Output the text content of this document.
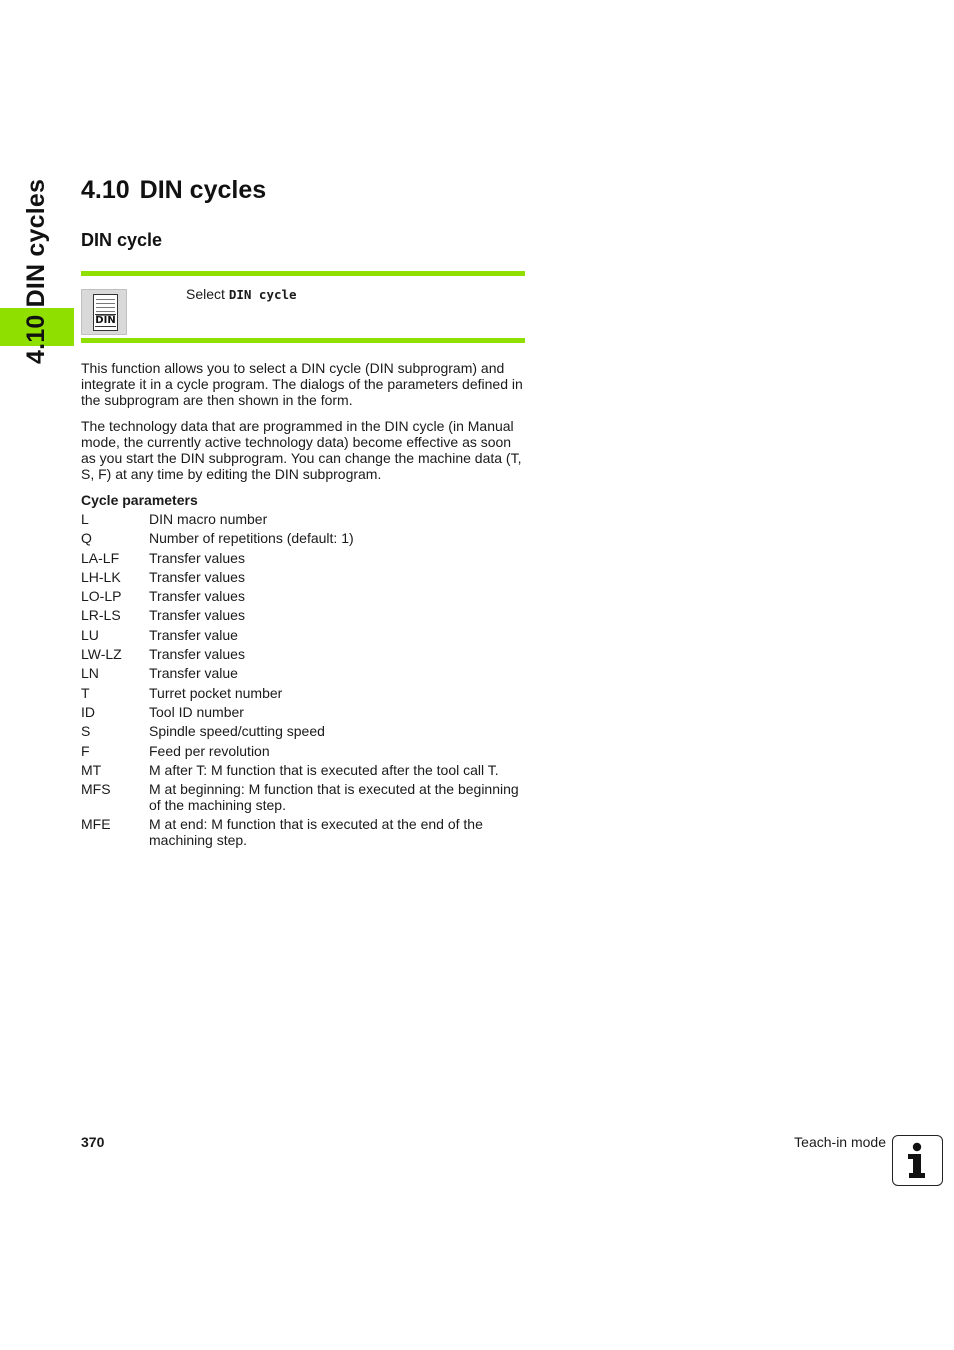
4.10 DIN cycles 4.10 DIN cycles
DIN cycle
DIN
Select DIN cycle

This function allows you to select a DIN cycle (DIN subprogram) and integrate it in a cycle program. The dialogs of the parameters defined in the subprogram are then shown in the form.

The technology data that are programmed in the DIN cycle (in Manual mode, the currently active technology data) become effective as soon as you start the DIN subprogram. You can change the machine data (T, S, F) at any time by editing the DIN subprogram.

Cycle parameters

L	DIN macro number
Q	Number of repetitions (default: 1)
LA-LF	Transfer values
LH-LK	Transfer values
LO-LP	Transfer values
LR-LS	Transfer values
LU	Transfer value
LW-LZ	Transfer values
LN	Transfer value
T	Turret pocket number
ID	Tool ID number
S	Spindle speed/cutting speed
F	Feed per revolution
MT	M after T: M function that is executed after the tool call T.
MFS	M at beginning: M function that is executed at the beginning of the machining step.
MFE	M at end: M function that is executed at the end of the machining step.
370	Teach-in mode
